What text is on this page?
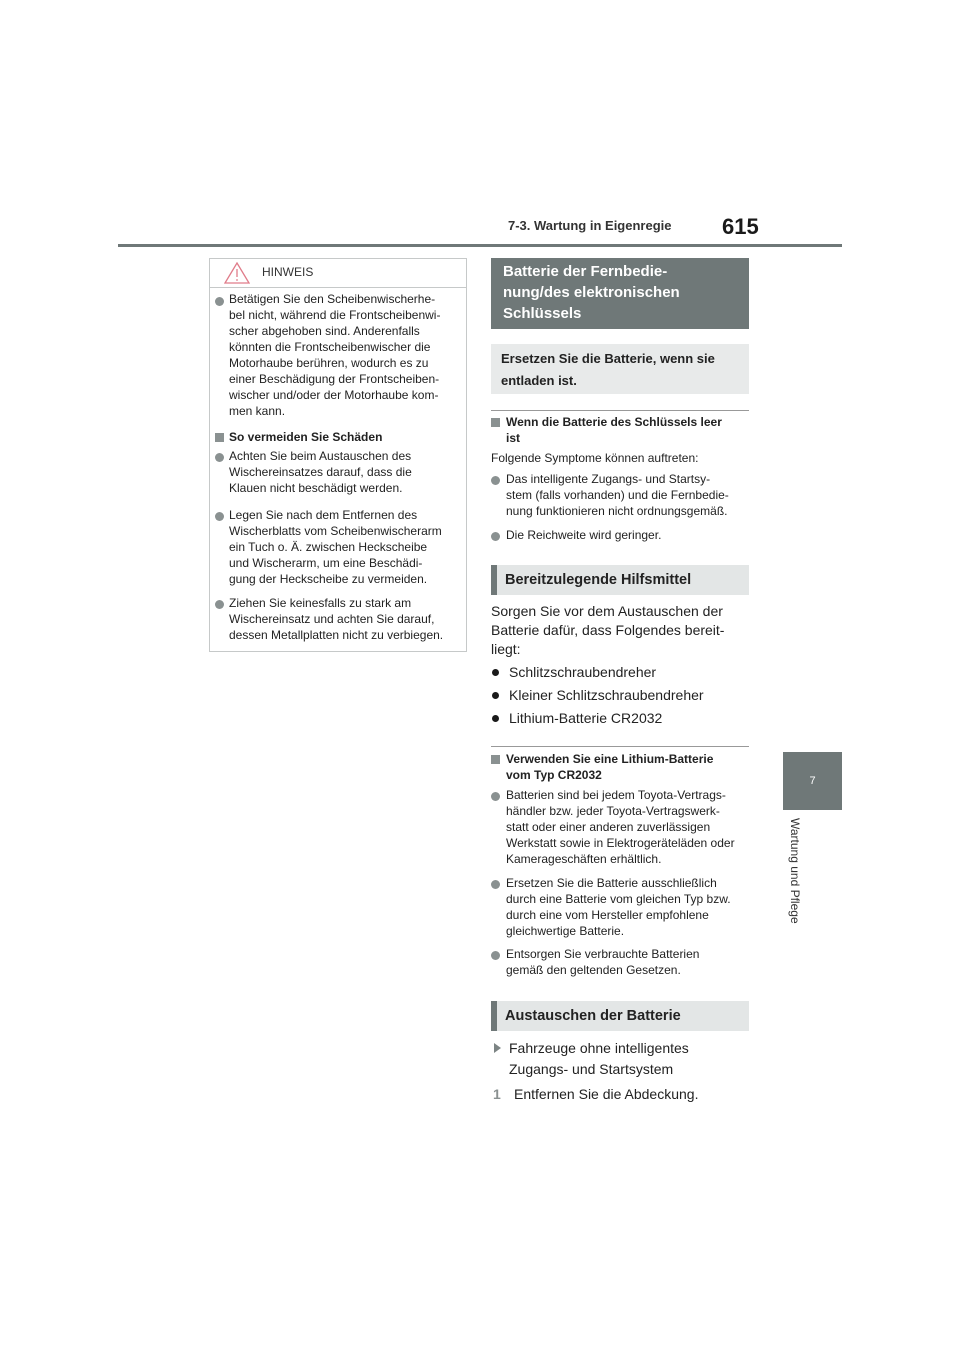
7-3. Wartung in Eigenregie 615
7
Wartung und Pflege
HINWEIS
Betätigen Sie den Scheibenwischerhe-
bel nicht, während die Frontscheibenwi-
scher abgehoben sind. Anderenfalls
könnten die Frontscheibenwischer die
Motorhaube berühren, wodurch es zu
einer Beschädigung der Frontscheiben-
wischer und/oder der Motorhaube kom-
men kann.
So vermeiden Sie Schäden
Achten Sie beim Austauschen des
Wischereinsatzes darauf, dass die
Klauen nicht beschädigt werden.
Legen Sie nach dem Entfernen des
Wischerblatts vom Scheibenwischerarm
ein Tuch o. Ä. zwischen Heckscheibe
und Wischerarm, um eine Beschädi-
gung der Heckscheibe zu vermeiden.
Ziehen Sie keinesfalls zu stark am
Wischereinsatz und achten Sie darauf,
dessen Metallplatten nicht zu verbiegen.
Batterie der Fernbedie-
nung/des elektronischen
Schlüssels
Ersetzen Sie die Batterie, wenn sie
entladen ist.
Wenn die Batterie des Schlüssels leer
ist
Folgende Symptome können auftreten:
Das intelligente Zugangs- und Startsy-
stem (falls vorhanden) und die Fernbedie-
nung funktionieren nicht ordnungsgemäß.
Die Reichweite wird geringer.
Bereitzulegende Hilfsmittel
Sorgen Sie vor dem Austauschen der
Batterie dafür, dass Folgendes bereit-
liegt:
Schlitzschraubendreher
Kleiner Schlitzschraubendreher
Lithium-Batterie CR2032
Verwenden Sie eine Lithium-Batterie
vom Typ CR2032
Batterien sind bei jedem Toyota-Vertrags-
händler bzw. jeder Toyota-Vertragswerk-
statt oder einer anderen zuverlässigen
Werkstatt sowie in Elektrogeräteläden oder
Kamerageschäften erhältlich.
Ersetzen Sie die Batterie ausschließlich
durch eine Batterie vom gleichen Typ bzw.
durch eine vom Hersteller empfohlene
gleichwertige Batterie.
Entsorgen Sie verbrauchte Batterien
gemäß den geltenden Gesetzen.
Austauschen der Batterie
Fahrzeuge ohne intelligentes
Zugangs- und Startsystem
1 Entfernen Sie die Abdeckung.
